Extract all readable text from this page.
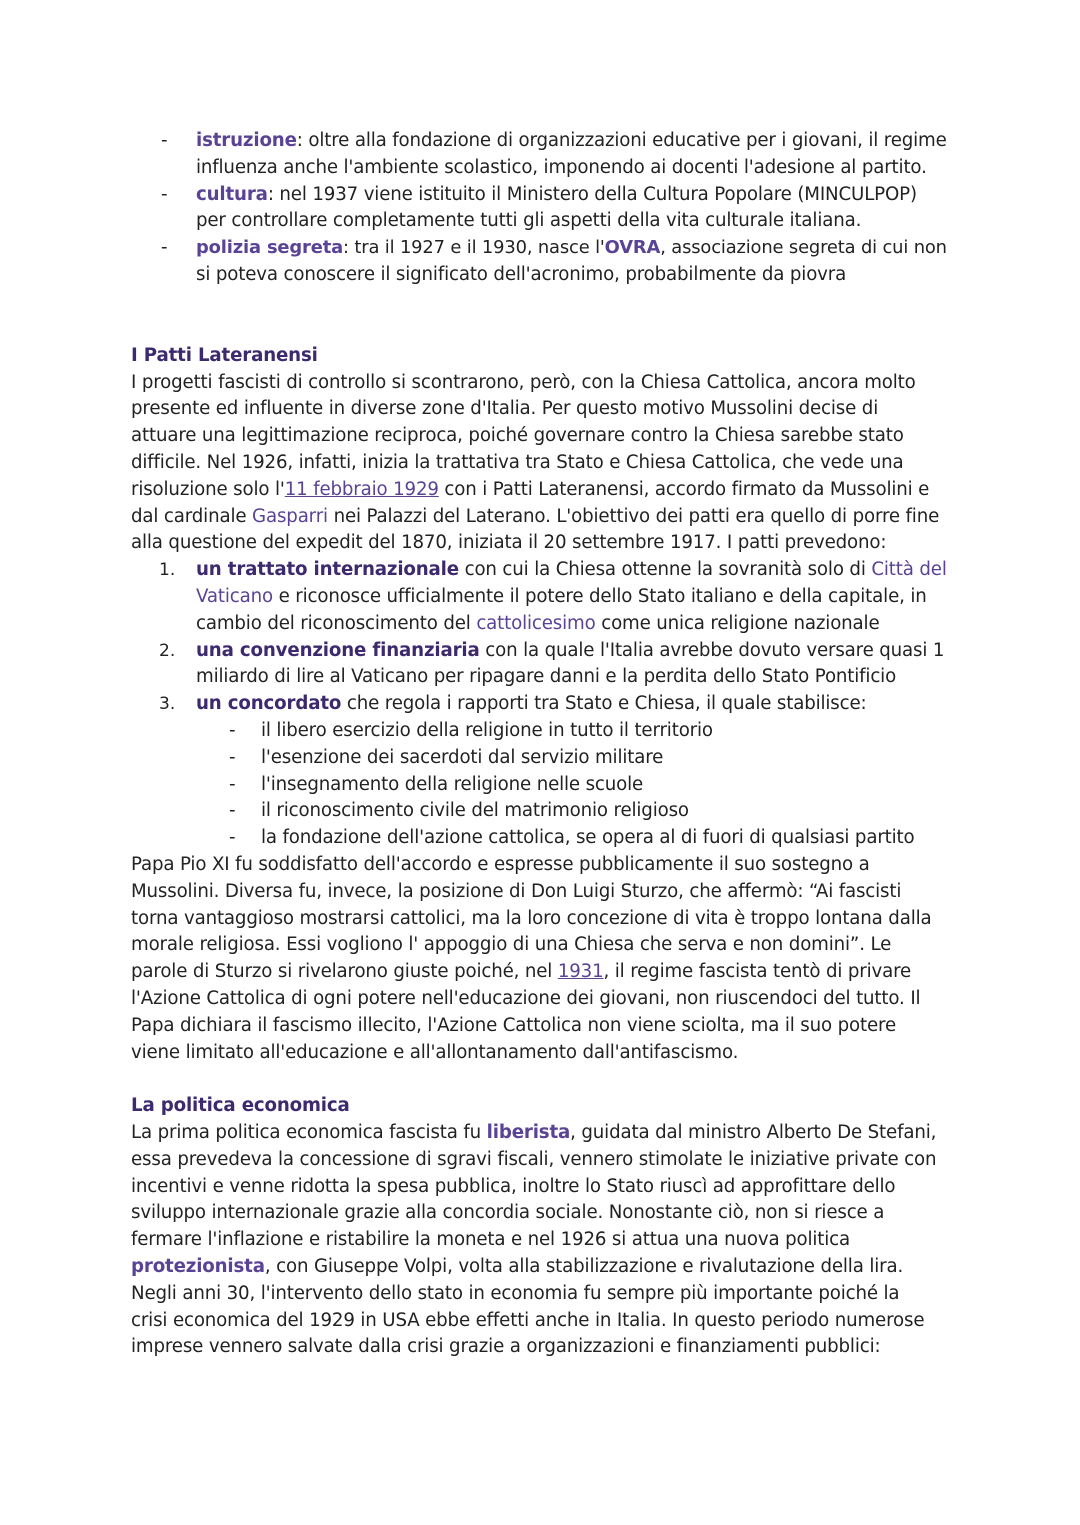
- istruzione: oltre alla fondazione di organizzazioni educative per i giovani, il regime
influenza anche l'ambiente scolastico, imponendo ai docenti l'adesione al partito.
- cultura: nel 1937 viene istituito il Ministero della Cultura Popolare (MINCULPOP)
per controllare completamente tutti gli aspetti della vita culturale italiana.
- polizia segreta: tra il 1927 e il 1930, nasce l'OVRA, associazione segreta di cui non
si poteva conoscere il significato dell'acronimo, probabilmente da piovra
I Patti Lateranensi
I progetti fascisti di controllo si scontrarono, però, con la Chiesa Cattolica, ancora molto
presente ed influente in diverse zone d'Italia. Per questo motivo Mussolini decise di
attuare una legittimazione reciproca, poiché governare contro la Chiesa sarebbe stato
difficile. Nel 1926, infatti, inizia la trattativa tra Stato e Chiesa Cattolica, che vede una
risoluzione solo l'11 febbraio 1929 con i Patti Lateranensi, accordo firmato da Mussolini e
dal cardinale Gasparri nei Palazzi del Laterano. L'obiettivo dei patti era quello di porre fine
alla questione del expedit del 1870, iniziata il 20 settembre 1917. I patti prevedono:
1. un trattato internazionale con cui la Chiesa ottenne la sovranità solo di Città del
Vaticano e riconosce ufficialmente il potere dello Stato italiano e della capitale, in
cambio del riconoscimento del cattolicesimo come unica religione nazionale
2. una convenzione finanziaria con la quale l'Italia avrebbe dovuto versare quasi 1
miliardo di lire al Vaticano per ripagare danni e la perdita dello Stato Pontificio
3. un concordato che regola i rapporti tra Stato e Chiesa, il quale stabilisce:
- il libero esercizio della religione in tutto il territorio
- l'esenzione dei sacerdoti dal servizio militare
- l'insegnamento della religione nelle scuole
- il riconoscimento civile del matrimonio religioso
- la fondazione dell'azione cattolica, se opera al di fuori di qualsiasi partito
Papa Pio XI fu soddisfatto dell'accordo e espresse pubblicamente il suo sostegno a
Mussolini. Diversa fu, invece, la posizione di Don Luigi Sturzo, che affermò: “Ai fascisti
torna vantaggioso mostrarsi cattolici, ma la loro concezione di vita è troppo lontana dalla
morale religiosa. Essi vogliono l' appoggio di una Chiesa che serva e non domini”. Le
parole di Sturzo si rivelarono giuste poiché, nel 1931, il regime fascista tentò di privare
l'Azione Cattolica di ogni potere nell'educazione dei giovani, non riuscendoci del tutto. Il
Papa dichiara il fascismo illecito, l'Azione Cattolica non viene sciolta, ma il suo potere
viene limitato all'educazione e all'allontanamento dall'antifascismo.
La politica economica
La prima politica economica fascista fu liberista, guidata dal ministro Alberto De Stefani,
essa prevedeva la concessione di sgravi fiscali, vennero stimolate le iniziative private con
incentivi e venne ridotta la spesa pubblica, inoltre lo Stato riuscì ad approfittare dello
sviluppo internazionale grazie alla concordia sociale. Nonostante ciò, non si riesce a
fermare l'inflazione e ristabilire la moneta e nel 1926 si attua una nuova politica
protezionista, con Giuseppe Volpi, volta alla stabilizzazione e rivalutazione della lira.
Negli anni 30, l'intervento dello stato in economia fu sempre più importante poiché la
crisi economica del 1929 in USA ebbe effetti anche in Italia. In questo periodo numerose
imprese vennero salvate dalla crisi grazie a organizzazioni e finanziamenti pubblici:
